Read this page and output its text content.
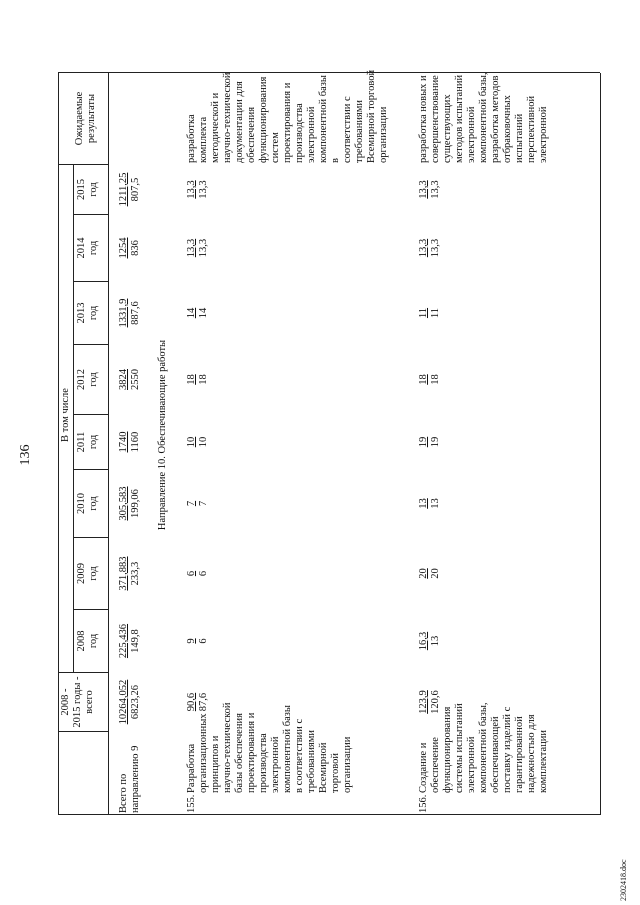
136
2008 - 2015 годы - всего
В том числе
2008 год
2009 год
2010 год
2011 год
2012 год
2013 год
2014 год
2015 год
Ожидаемые результаты
Всего по направлению 9
10264,052 6823,26
225,436 149,8
371,883 233,3
305,583 199,06
1740 1160
3824 2550
1331,9 887,6
1254 836
1211,25 807,5
Направление 10. Обеспечивающие работы
155.
Разработка организационных принципов и научно-технической базы обеспечения проектирования и производства электронной компонентной базы в соответствии с требованиями Всемирной торговой организации
90,6 87,6
9 6
6 6
7 7
10 10
18 18
14 14
13,3 13,3
13,3 13,3
разработка комплекта методической и научно-технической документации для обеспечения функционирования систем проектирования и производства электронной компонентной базы в соответствии с требованиями Всемирной торговой организации
156.
Создание и обеспечение функционирования системы испытаний электронной компонентной базы, обеспечивающей поставку изделий с гарантированной надежностью для комплектации
123,9 120,6
16,3 13
20 20
13 13
19 19
18 18
11 11
13,3 13,3
13,3 13,3
разработка новых и совершенствование существующих методов испытаний электронной компонентной базы, разработка методов отбраковочных испытаний перспективной электронной
2302418.doc
